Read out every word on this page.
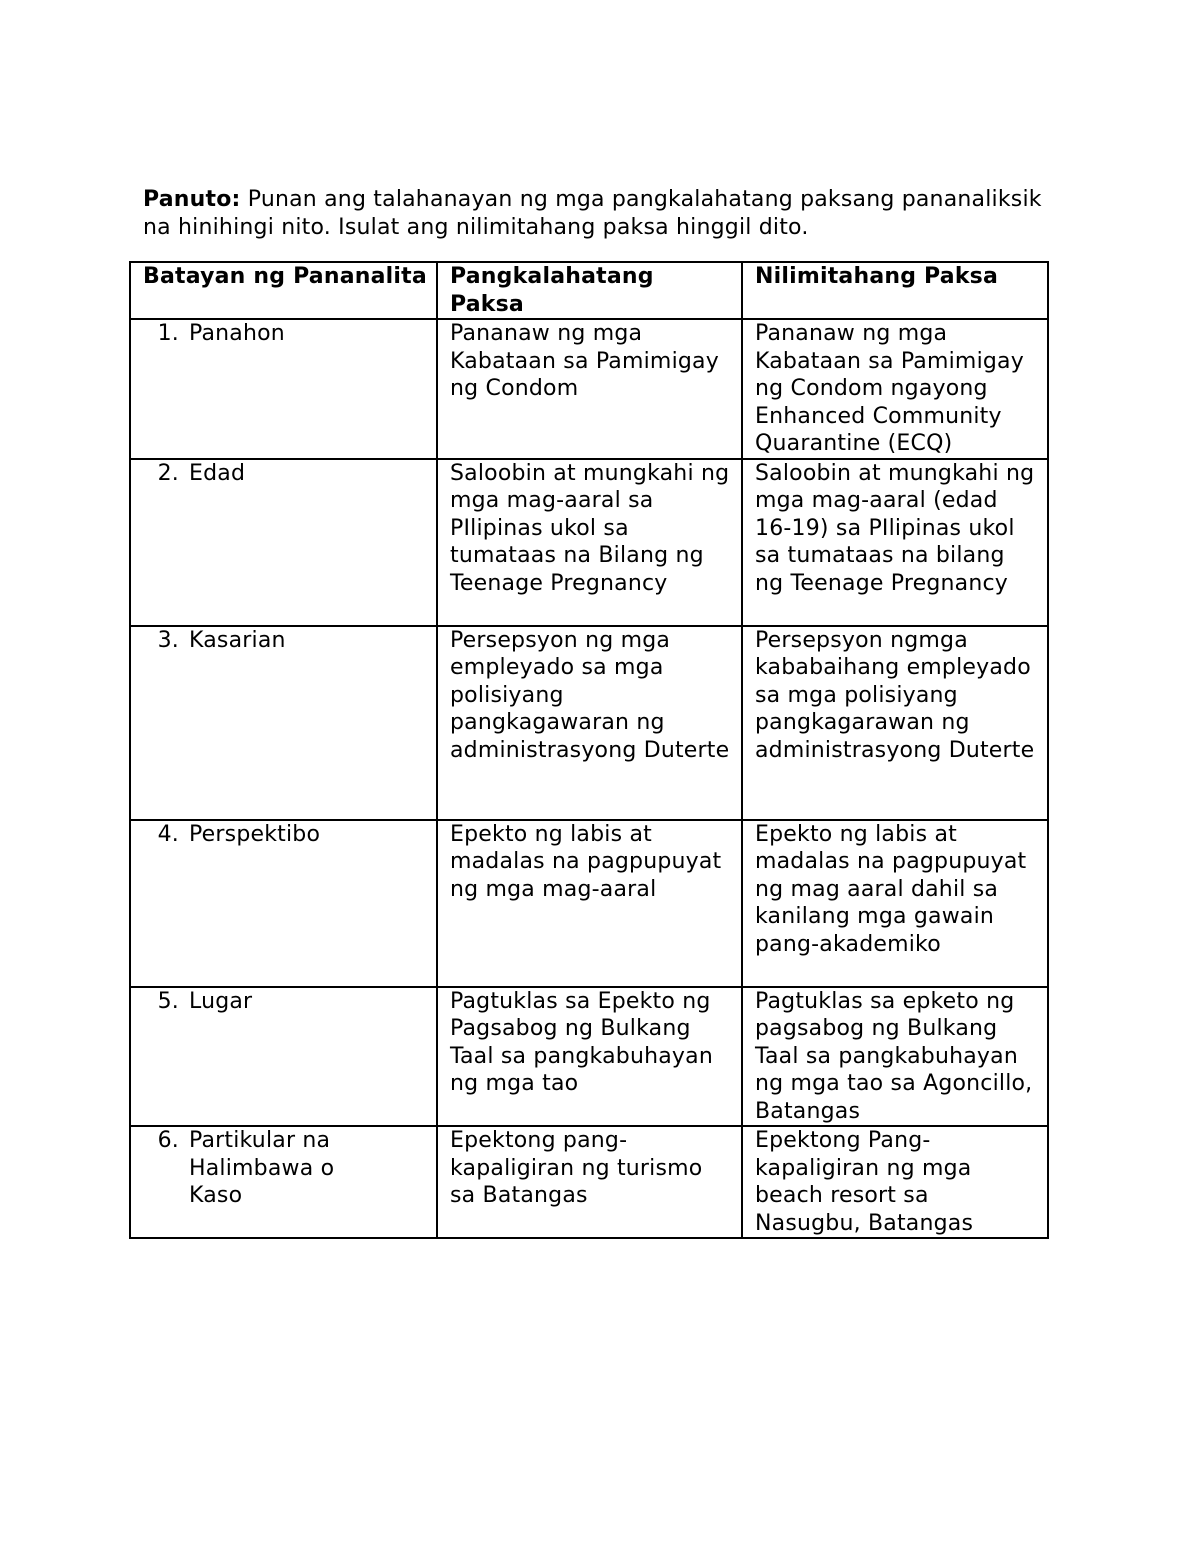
Panuto: Punan ang talahanayan ng mga pangkalahatang paksang pananaliksik na hinihingi nito. Isulat ang nilimitahang paksa hinggil dito.
Batayan ng Pananalita	Pangkalahatang Paksa	Nilimitahang Paksa

1. Panahon	Pananaw ng mga Kabataan sa Pamimigay ng Condom	Pananaw ng mga Kabataan sa Pamimigay ng Condom ngayong Enhanced Community Quarantine (ECQ)

2. Edad	Saloobin at mungkahi ng mga mag-aaral sa PIlipinas ukol sa tumataas na Bilang ng Teenage Pregnancy	Saloobin at mungkahi ng mga mag-aaral (edad 16-19) sa PIlipinas ukol sa tumataas na bilang ng Teenage Pregnancy

3. Kasarian	Persepsyon ng mga empleyado sa mga polisiyang pangkagawaran ng administrasyong Duterte	Persepsyon ngmga kababaihang empleyado sa mga polisiyang pangkagarawan ng administrasyong Duterte

4. Perspektibo	Epekto ng labis at madalas na pagpupuyat ng mga mag-aaral	Epekto ng labis at madalas na pagpupuyat ng mag aaral dahil sa kanilang mga gawain pang-akademiko

5. Lugar	Pagtuklas sa Epekto ng Pagsabog ng Bulkang Taal sa pangkabuhayan ng mga tao	Pagtuklas sa epketo ng pagsabog ng Bulkang Taal sa pangkabuhayan ng mga tao sa Agoncillo, Batangas

6. Partikular na Halimbawa o Kaso	Epektong pang-kapaligiran ng turismo sa Batangas	Epektong Pang-kapaligiran ng mga beach resort sa Nasugbu, Batangas
